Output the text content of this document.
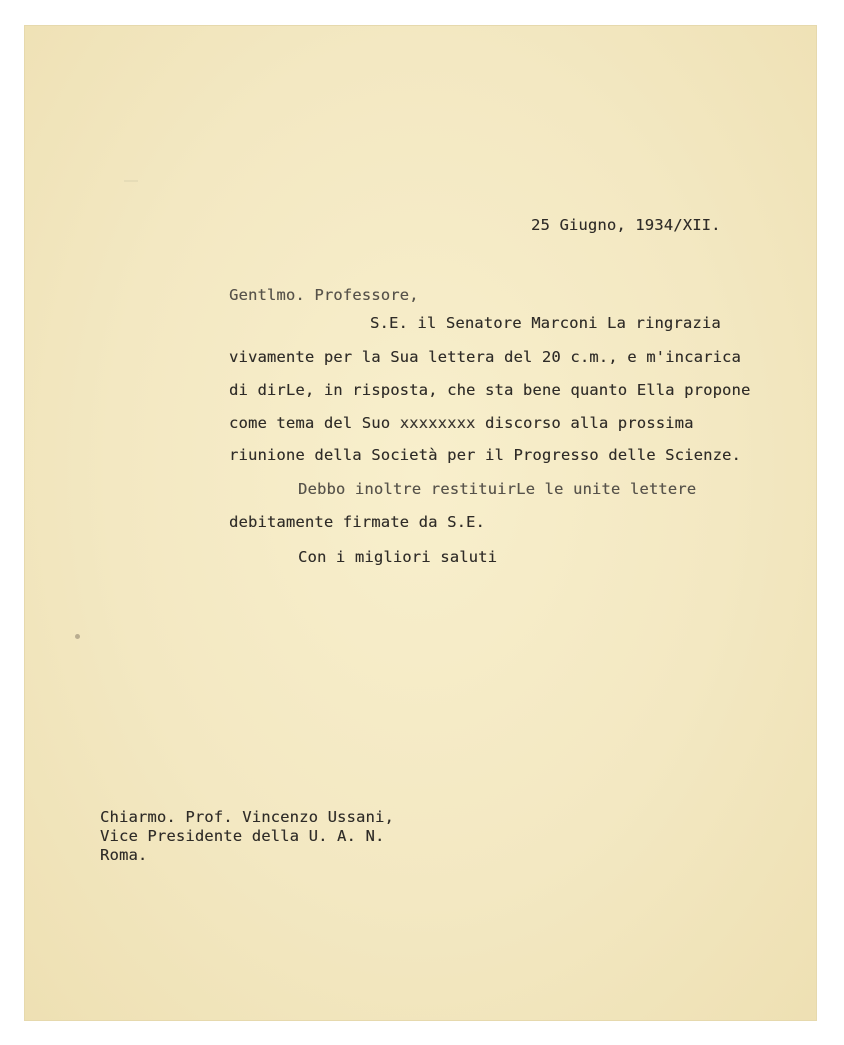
25 Giugno, 1934/XII.
Gentlmo. Professore,
S.E. il Senatore Marconi La ringrazia
vivamente per la Sua lettera del 20 c.m., e m'incarica
di dirLe, in risposta, che sta bene quanto Ella propone
come tema del Suo xxxxxxxx discorso alla prossima
riunione della Società per il Progresso delle Scienze.
Debbo inoltre restituirLe le unite lettere
debitamente firmate da S.E.
Con i migliori saluti
Chiarmo. Prof. Vincenzo Ussani,
Vice Presidente della U. A. N.
Roma.
